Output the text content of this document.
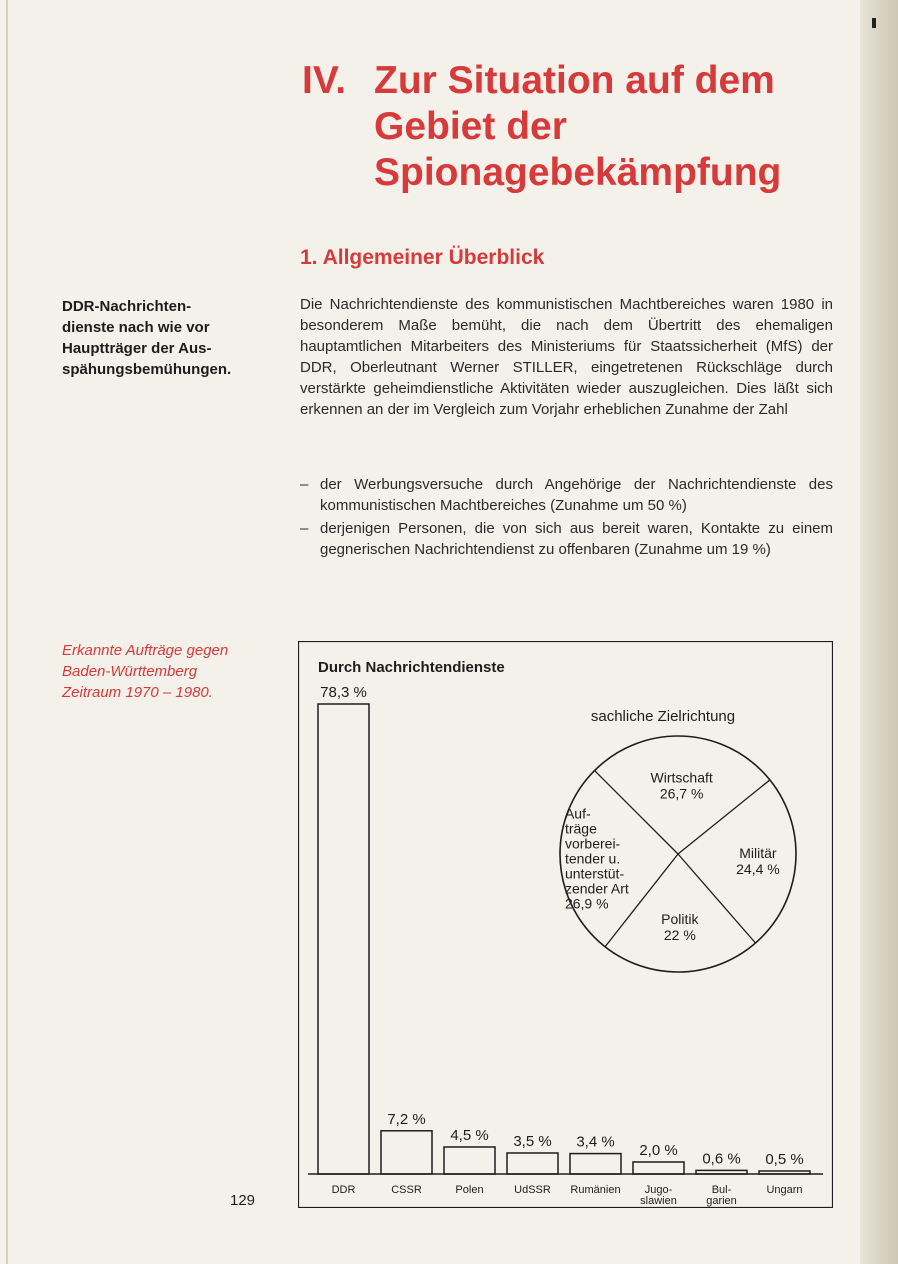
IV. Zur Situation auf dem
Gebiet der
Spionagebekämpfung
1. Allgemeiner Überblick

DDR-Nachrichten-
dienste nach wie vor
Hauptträger der Aus-
spähungsbemühungen.

Die Nachrichtendienste des kommunistischen Machtbereiches waren 1980 in besonderem Maße bemüht, die nach dem Übertritt des ehemaligen hauptamtlichen Mitarbeiters des Ministeriums für Staatssicherheit (MfS) der DDR, Oberleutnant Werner STILLER, eingetretenen Rückschläge durch verstärkte geheimdienstliche Aktivitäten wieder auszugleichen. Dies läßt sich erkennen an der im Vergleich zum Vorjahr erheblichen Zunahme der Zahl

– der Werbungsversuche durch Angehörige der Nachrichtendienste des kommunistischen Machtbereiches (Zunahme um 50 %)
– derjenigen Personen, die von sich aus bereit waren, Kontakte zu einem gegnerischen Nachrichtendienst zu offenbaren (Zunahme um 19 %)

Erkannte Aufträge gegen
Baden-Württemberg
Zeitraum 1970 – 1980.

Durch Nachrichtendienste
78,3 %
DDR
7,2 %
CSSR
4,5 %
Polen
3,5 %
UdSSR
3,4 %
Rumänien
2,0 %
Jugo-
slawien
0,6 %
Bul-
garien
0,5 %
Ungarn
sachliche Zielrichtung
Wirtschaft
26,7 %
Militär
24,4 %
Politik
22 %
Auf-
träge
vorberei-
tender u.
unterstüt-
zender Art
26,9 %
129
